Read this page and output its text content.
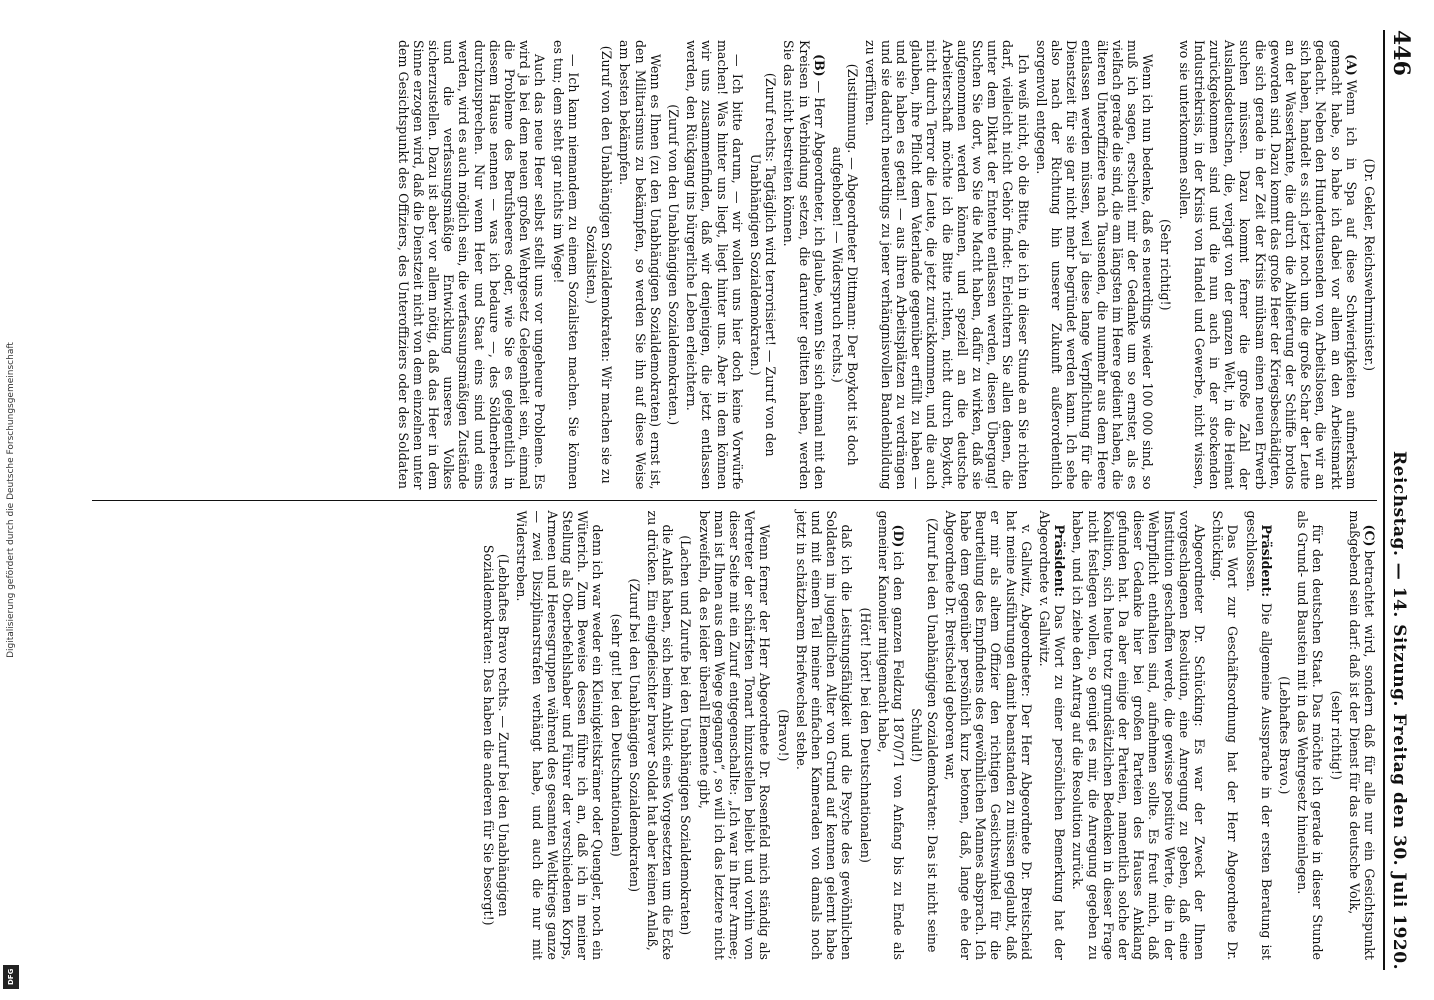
Digitalisierung gefördert durch die Deutsche Forschungsgemeinschaft
DFG
446
Reichstag. — 14. Sitzung. Freitag den 30. Juli 1920.

(Dr. Gekler, Reichswehrminister.)

(A)Wenn ich in Spa auf diese Schwierigkeiten aufmerksam gemacht habe, so habe ich dabei vor allem an den Arbeitsmarkt gedacht. Neben den Hunderttausenden von Arbeitslosen, die wir an sich haben, handelt es sich jetzt noch um die große Schar der Leute an der Wasserkante, die durch die Ablieferung der Schiffe brotlos geworden sind. Dazu kommt das große Heer der Kriegsbeschädigten, die sich gerade in der Zeit der Krisis mühsam einen neuen Erwerb suchen müssen. Dazu kommt ferner die große Zahl der Auslandsdeutschen, die, verjagt von der ganzen Welt, in die Heimat zurückgekommen sind und die nun auch in der stockenden Industriekrisis, in der Krisis von Handel und Gewerbe, nicht wissen, wo sie unterkommen sollen.

(Sehr richtig!)

Wenn ich nun bedenke, daß es neuerdings wieder 100 000 sind, so muß ich sagen, erscheint mir der Gedanke um so ernster, als es vielfach gerade die sind, die am längsten im Heere gedient haben, die älteren Unteroffiziere nach Tausenden, die nunmehr aus dem Heere entlassen werden müssen, weil ja diese lange Verpflichtung für die Dienstzeit für sie gar nicht mehr begründet werden kann. Ich sehe also nach der Richtung hin unserer Zukunft außerordentlich sorgenvoll entgegen.

Ich weiß nicht, ob die Bitte, die ich in dieser Stunde an Sie richten darf, vielleicht nicht Gehör findet: Erleichtern Sie allen denen, die unter dem Diktat der Entente entlassen werden, diesen Übergang! Suchen Sie dort, wo Sie die Macht haben, dafür zu wirken, daß sie aufgenommen werden können, und speziell an die deutsche Arbeiterschaft möchte ich die Bitte richten, nicht durch Boykott, nicht durch Terror die Leute, die jetzt zurückkommen, und die auch glauben, ihre Pflicht dem Vaterlande gegenüber erfüllt zu haben — und sie haben es getan! — aus ihren Arbeitsplätzen zu verdrängen und sie dadurch neuerdings zu jener verhängnisvollen Bandenbildung zu verführen.

(Zustimmung. — Abgeordneter Dittmann: Der Boykott ist doch aufgehoben! — Widerspruch rechts.)

(B)— Herr Abgeordneter, ich glaube, wenn Sie sich einmal mit den Kreisen in Verbindung setzen, die darunter gelitten haben, werden Sie das nicht bestreiten können.

(Zuruf rechts: Tagtäglich wird terrorisiert! — Zuruf von den Unabhängigen Sozialdemokraten.)

— Ich bitte darum, — wir wollen uns hier doch keine Vorwürfe machen! Was hinter uns liegt, liegt hinter uns. Aber in dem können wir uns zusammenfinden, daß wir denjenigen, die jetzt entlassen werden, den Rückgang ins bürgerliche Leben erleichtern.

(Zuruf von den Unabhängigen Sozialdemokraten.)

Wenn es Ihnen (zu den Unabhängigen Sozialdemokraten) ernst ist, den Militarismus zu bekämpfen, so werden Sie ihn auf diese Weise am besten bekämpfen.

(Zuruf von den Unabhängigen Sozialdemokraten: Wir machen sie zu Sozialisten.)

— Ich kann niemandem zu einem Sozialisten machen. Sie können es tun; dem steht gar nichts im Wege!

Auch das neue Heer selbst stellt uns vor ungeheure Probleme. Es wird ja bei dem neuen großen Wehrgesetz Gelegenheit sein, einmal die Probleme des Berufsheeres oder, wie Sie es gelegentlich in diesem Hause nennen — was ich bedaure —, des Söldnerheeres durchzusprechen. Nur wenn Heer und Staat eins sind und eins werden, wird es auch möglich sein, die verfassungsmäßigen Zustände und die verfassungsmäßige Entwicklung unseres Volkes sicherzustellen. Dazu ist aber vor allem nötig, daß das Heer in dem Sinne erzogen wird, daß die Dienstzeit nicht von dem einzelnen unter dem Gesichtspunkt des Offiziers, des Unteroffiziers oder des Soldaten

(C)betrachtet wird, sondern daß für alle nur ein Gesichtspunkt maßgebend sein darf: daß ist der Dienst für das deutsche Volk,

(sehr richtig!)

für den deutschen Staat. Das möchte ich gerade in dieser Stunde als Grund- und Baustein mit in das Wehrgesetz hineinlegen.

(Lebhaftes Bravo.)

Präsident: Die allgemeine Aussprache in der ersten Beratung ist geschlossen.

Das Wort zur Geschäftsordnung hat der Herr Abgeordnete Dr. Schücking.

Abgeordneter Dr. Schücking: Es war der Zweck der Ihnen vorgeschlagenen Resolution, eine Anregung zu geben, daß eine Institution geschaffen werde, die gewisse positive Werte, die in der Wehrpflicht enthalten sind, aufnehmen sollte. Es freut mich, daß dieser Gedanke hier bei großen Parteien des Hauses Anklang gefunden hat. Da aber einige der Parteien, namentlich solche der Koalition, sich heute trotz grundsätzlichen Bedenken in dieser Frage nicht festlegen wollen, so genügt es mir, die Anregung gegeben zu haben, und ich ziehe den Antrag auf die Resolution zurück.

Präsident: Das Wort zu einer persönlichen Bemerkung hat der Abgeordnete v. Gallwitz.

v. Gallwitz, Abgeordneter: Der Herr Abgeordnete Dr. Breitscheid hat meine Ausführungen damit beanstanden zu müssen geglaubt, daß er mir als altem Offizier den richtigen Gesichtswinkel für die Beurteilung des Empfindens des gewöhnlichen Mannes absprach. Ich habe dem gegenüber persönlich kurz betonen, daß, lange ehe der Abgeordnete Dr. Breitscheid geboren war,

(Zuruf bei den Unabhängigen Sozialdemokraten: Das ist nicht seine Schuld!)

(D)ich den ganzen Feldzug 1870/71 von Anfang bis zu Ende als gemeiner Kanonier mitgemacht habe,

(Hört! hört! bei den Deutschnationalen)

daß ich die Leistungsfähigkeit und die Psyche des gewöhnlichen Soldaten im jugendlichen Alter von Grund auf kennen gelernt habe und mit einem Teil meiner einfachen Kameraden von damals noch jetzt in schätzbarem Briefwechsel stehe.

(Bravo!)

Wenn ferner der Herr Abgeordnete Dr. Rosenfeld mich ständig als Vertreter der schärfsten Tonart hinzustellen beliebt und vorhin von dieser Seite mit ein Zuruf entgegenschallte: „Ich war in Ihrer Armee; man ist Ihnen aus dem Wege gegangen“, so will ich das letztere nicht bezweifeln, da es leider überall Elemente gibt,

(Lachen und Zurufe bei den Unabhängigen Sozialdemokraten)

die Anlaß haben, sich beim Anblick eines Vorgesetzten um die Ecke zu drücken. Ein eingefleischter braver Soldat hat aber keinen Anlaß,

(Zuruf bei den Unabhängigen Sozialdemokraten)

(sehr gut! bei den Deutschnationalen)

denn ich war weder ein Kleinigkeitskrämer oder Quengler, noch ein Wüterich. Zum Beweise dessen führe ich an, daß ich in meiner Stellung als Oberbefehlshaber und Führer der verschiedenen Korps, Armeen und Heeresgruppen während des gesamten Weltkriegs ganze — zwei Disziplinarstrafen verhängt habe, und auch die nur mit Widerstreben.

(Lebhaftes Bravo rechts. — Zuruf bei den Unabhängigen Sozialdemokraten: Das haben die anderen für Sie besorgt!)
